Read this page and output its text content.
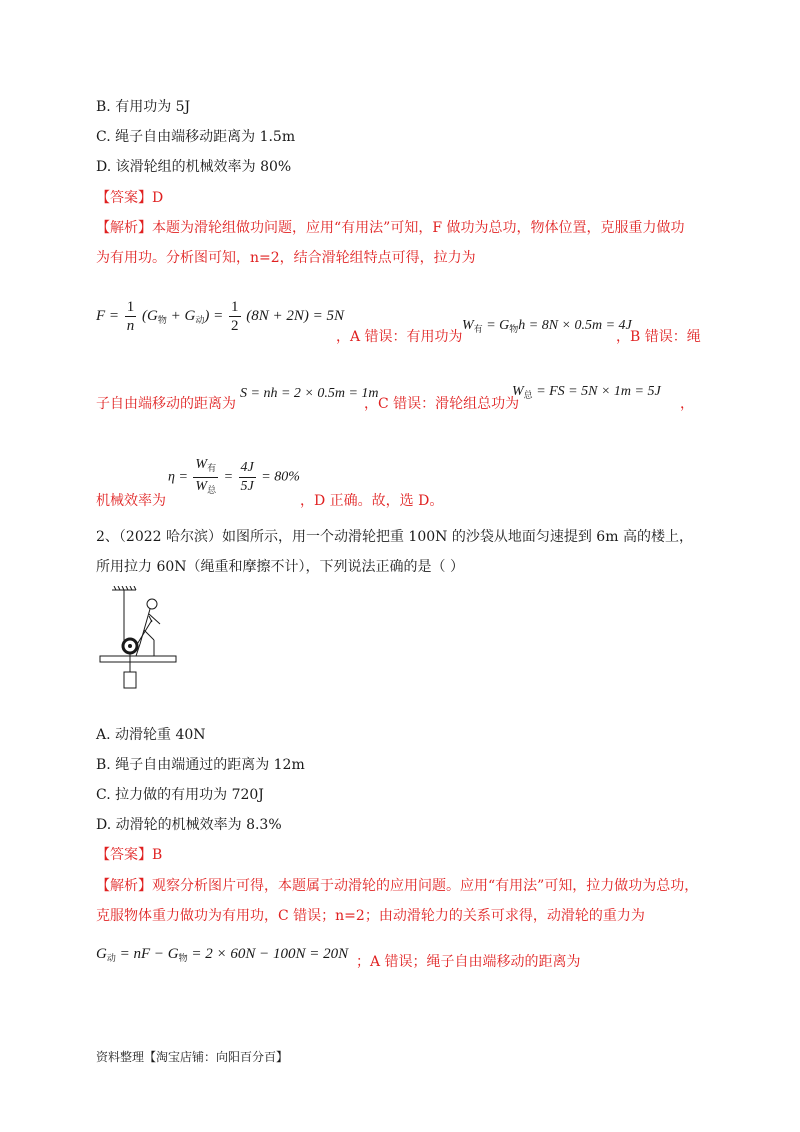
B. 有用功为 5J
C. 绳子自由端移动距离为 1.5m
D. 该滑轮组的机械效率为 80%
【答案】D
【解析】本题为滑轮组做功问题，应用“有用法”可知，F 做功为总功，物体位置，克服重力做功
为有用功。分析图可知，n=2，结合滑轮组特点可得，拉力为
$F = \frac{1}{n} (G_物 + G_动) = \frac{1}{2} (8N + 2N) = 5N$
，A 错误：有用功为
$W_有 = G_物h = 8N \times 0.5m = 4J$
，B 错误：绳
子自由端移动的距离为
S = nh = 2 × 0.5m = 1m
，C 错误：滑轮组总功为
$W_总$ = FS = 5N × 1m = 5J
，
$\eta = \frac{W_有}{W_总} = \frac{4J}{5J} = 80\%$
机械效率为	，D 正确。故，选 D。
2、（2022 哈尔滨）如图所示，用一个动滑轮把重 100N 的沙袋从地面匀速提到 6m 高的楼上，
所用拉力 60N（绳重和摩擦不计），下列说法正确的是（ ）
A. 动滑轮重 40N
B. 绳子自由端通过的距离为 12m
C. 拉力做的有用功为 720J
D. 动滑轮的机械效率为 8.3%
【答案】B
【解析】观察分析图片可得，本题属于动滑轮的应用问题。应用“有用法”可知，拉力做功为总功，
克服物体重力做功为有用功，C 错误；n=2；由动滑轮力的关系可求得，动滑轮的重力为
$G_动$ = nF − $G_物 = 2 \times 60N - 100N = 20N$ ；A 错误；绳子自由端移动的距离为
资料整理【淘宝店铺：向阳百分百】
